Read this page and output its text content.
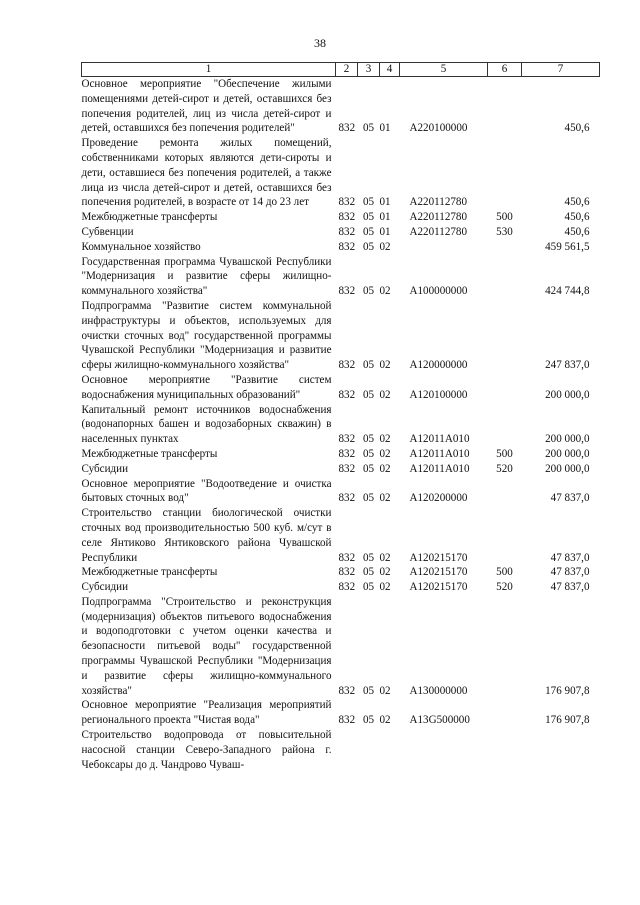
38
1	2	3	4	5	6	7
Основное мероприятие "Обеспечение жилыми помещениями детей-сирот и детей, оставшихся без попечения родителей, лиц из числа детей-сирот и детей, оставшихся без попечения родителей"	832	05	01	А220100000		450,6
Проведение ремонта жилых помещений, собственниками которых являются дети-сироты и дети, оставшиеся без попечения родителей, а также лица из числа детей-сирот и детей, оставшихся без попечения родителей, в возрасте от 14 до 23 лет	832	05	01	А220112780		450,6
Межбюджетные трансферты	832	05	01	А220112780	500	450,6
Субвенции	832	05	01	А220112780	530	450,6
Коммунальное хозяйство	832	05	02			459 561,5
Государственная программа Чувашской Республики "Модернизация и развитие сферы жилищно-коммунального хозяйства"	832	05	02	А100000000		424 744,8
Подпрограмма "Развитие систем коммунальной инфраструктуры и объектов, используемых для очистки сточных вод" государственной программы Чувашской Республики "Модернизация и развитие сферы жилищно-коммунального хозяйства"	832	05	02	А120000000		247 837,0
Основное мероприятие "Развитие систем водоснабжения муниципальных образований"	832	05	02	А120100000		200 000,0
Капитальный ремонт источников водоснабжения (водонапорных башен и водозаборных скважин) в населенных пунктах	832	05	02	А12011А010		200 000,0
Межбюджетные трансферты	832	05	02	А12011А010	500	200 000,0
Субсидии	832	05	02	А12011А010	520	200 000,0
Основное мероприятие "Водоотведение и очистка бытовых сточных вод"	832	05	02	А120200000		47 837,0
Строительство станции биологической очистки сточных вод производительностью 500 куб. м/сут в селе Янтиково Янтиковского района Чувашской Республики	832	05	02	А120215170		47 837,0
Межбюджетные трансферты	832	05	02	А120215170	500	47 837,0
Субсидии	832	05	02	А120215170	520	47 837,0
Подпрограмма "Строительство и реконструкция (модернизация) объектов питьевого водоснабжения и водоподготовки с учетом оценки качества и безопасности питьевой воды" государственной программы Чувашской Республики "Модернизация и развитие сферы жилищно-коммунального хозяйства"	832	05	02	А130000000		176 907,8
Основное мероприятие "Реализация мероприятий регионального проекта "Чистая вода"	832	05	02	А13G500000		176 907,8
Строительство водопровода от повысительной насосной станции Северо-Западного района г. Чебоксары до д. Чандрово Чуваш-						
